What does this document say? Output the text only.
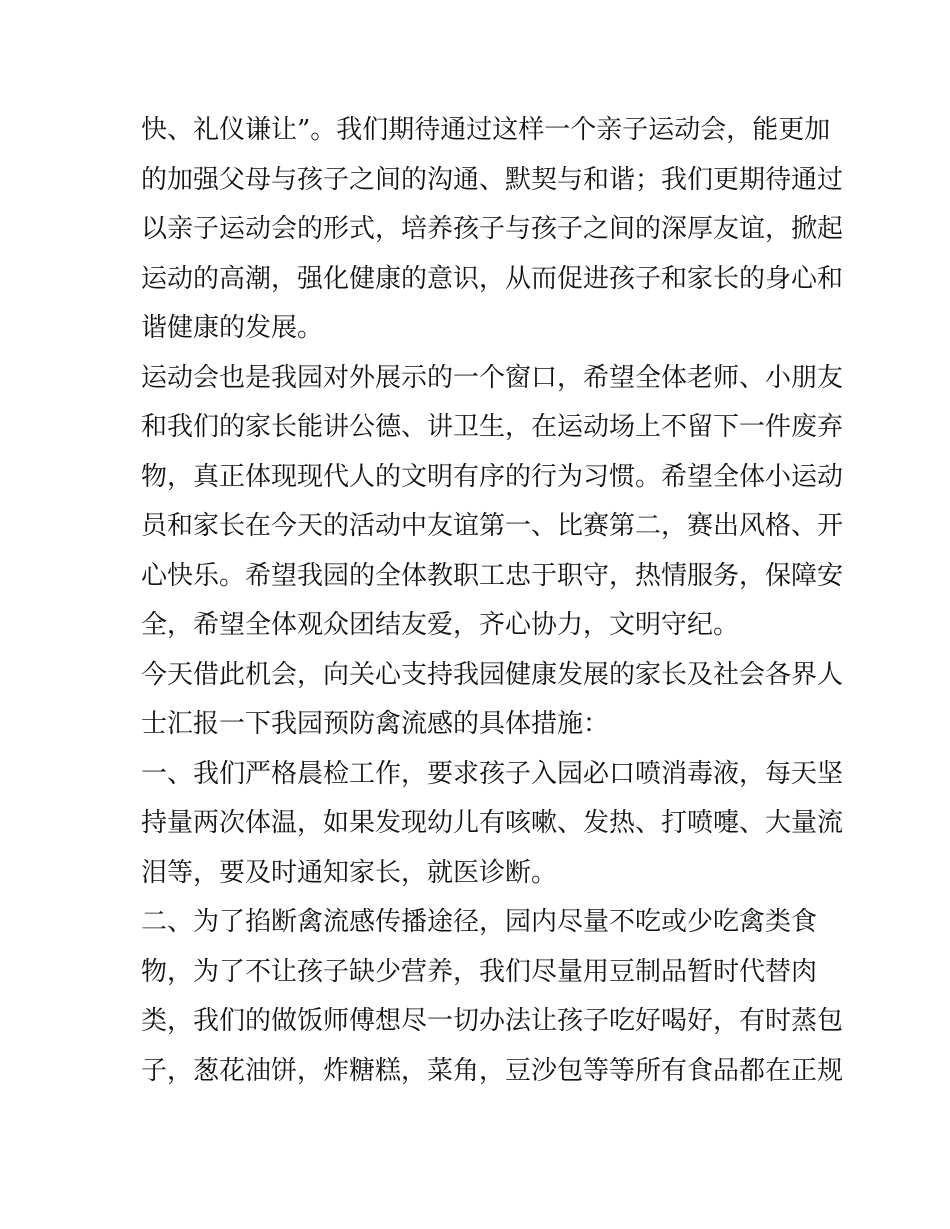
快、礼仪谦让”。我们期待通过这样一个亲子运动会，能更加
的加强父母与孩子之间的沟通、默契与和谐；我们更期待通过
以亲子运动会的形式，培养孩子与孩子之间的深厚友谊，掀起
运动的高潮，强化健康的意识，从而促进孩子和家长的身心和
谐健康的发展。
运动会也是我园对外展示的一个窗口，希望全体老师、小朋友
和我们的家长能讲公德、讲卫生，在运动场上不留下一件废弃
物，真正体现现代人的文明有序的行为习惯。希望全体小运动
员和家长在今天的活动中友谊第一、比赛第二，赛出风格、开
心快乐。希望我园的全体教职工忠于职守，热情服务，保障安
全，希望全体观众团结友爱，齐心协力，文明守纪。
今天借此机会，向关心支持我园健康发展的家长及社会各界人
士汇报一下我园预防禽流感的具体措施：
一、我们严格晨检工作，要求孩子入园必口喷消毒液，每天坚
持量两次体温，如果发现幼儿有咳嗽、发热、打喷嚏、大量流
泪等，要及时通知家长，就医诊断。
二、为了掐断禽流感传播途径，园内尽量不吃或少吃禽类食
物，为了不让孩子缺少营养，我们尽量用豆制品暂时代替肉
类，我们的做饭师傅想尽一切办法让孩子吃好喝好，有时蒸包
子，葱花油饼，炸糖糕，菜角，豆沙包等等所有食品都在正规
